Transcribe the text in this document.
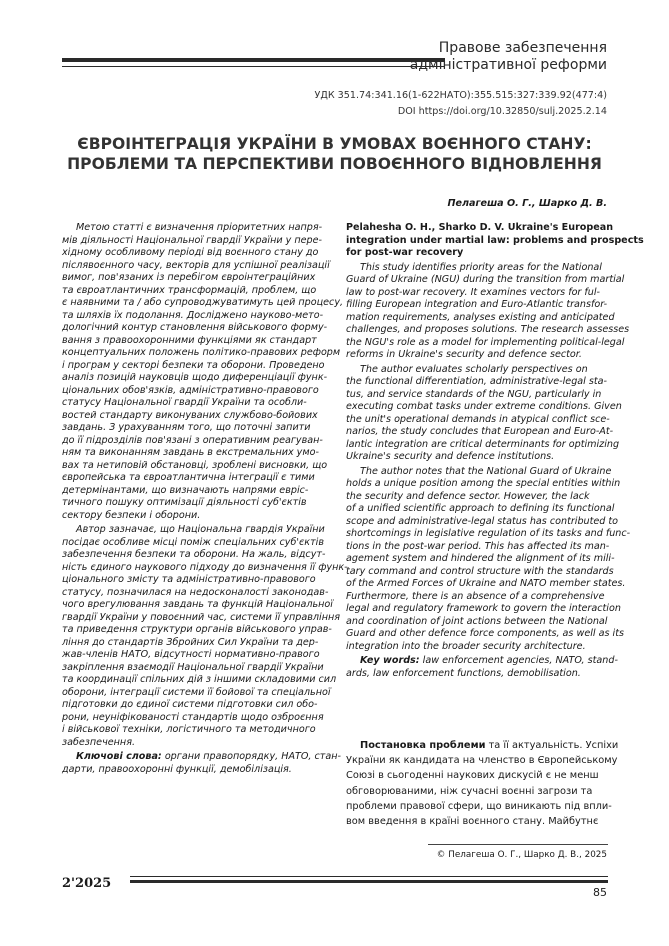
Правове забезпечення
адміністративної реформи
УДК 351.74:341.16(1-622НАТО):355.515:327:339.92(477:4)
DOI https://doi.org/10.32850/sulj.2025.2.14
ЄВРОІНТЕГРАЦІЯ УКРАЇНИ В УМОВАХ ВОЄННОГО СТАНУ:
ПРОБЛЕМИ ТА ПЕРСПЕКТИВИ ПОВОЄННОГО ВІДНОВЛЕННЯ
Пелагеша О. Г., Шарко Д. В.
Метою статті є визначення пріоритетних напря-
мів діяльності Національної гвардії України у пере-
хідному особливому періоді від воєнного стану до
післявоєнного часу, векторів для успішної реалізації
вимог, пов'язаних із перебігом євроінтеграційних
та євроатлантичних трансформацій, проблем, що
є наявними та / або супроводжуватимуть цей процесу,
та шляхів їх подолання. Досліджено науково-мето-
дологічний контур становлення військового форму-
вання з правоохоронними функціями як стандарт
концептуальних положень політико-правових реформ
і програм у секторі безпеки та оборони. Проведено
аналіз позицій науковців щодо диференціації функ-
ціональних обов'язків, адміністративно-правового
статусу Національної гвардії України та особли-
востей стандарту виконуваних службово-бойових
завдань. З урахуванням того, що поточні запити
до її підрозділів пов'язані з оперативним реагуван-
ням та виконанням завдань в екстремальних умо-
вах та нетиповій обстановці, зроблені висновки, що
європейська та євроатлантична інтеграції є тими
детермінантами, що визначають напрями евріс-
тичного пошуку оптимізації діяльності суб'єктів
сектору безпеки і оборони.
Автор зазначає, що Національна гвардія України
посідає особливе місці поміж спеціальних суб'єктів
забезпечення безпеки та оборони. На жаль, відсут-
ність єдиного наукового підходу до визначення її функ-
ціонального змісту та адміністративно-правового
статусу, позначилася на недосконалості законодав-
чого врегулювання завдань та функцій Національної
гвардії України у повоєнний час, системи її управління
та приведення структури органів військового управ-
ління до стандартів Збройних Сил України та дер-
жав-членів НАТО, відсутності нормативно-правого
закріплення взаємодії Національної гвардії України
та координації спільних дій з іншими складовими сил
оборони, інтеграції системи її бойової та спеціальної
підготовки до єдиної системи підготовки сил обо-
рони, неуніфікованості стандартів щодо озброєння
і військової техніки, логістичного та методичного
забезпечення.
Ключові слова: органи правопорядку, НАТО, стан-
дарти, правоохоронні функції, демобілізація.
Pelahesha O. H., Sharko D. V. Ukraine's European
integration under martial law: problems and prospects
for post-war recovery
This study identifies priority areas for the National
Guard of Ukraine (NGU) during the transition from martial
law to post-war recovery. It examines vectors for ful-
filling European integration and Euro-Atlantic transfor-
mation requirements, analyses existing and anticipated
challenges, and proposes solutions. The research assesses
the NGU's role as a model for implementing political-legal
reforms in Ukraine's security and defence sector.
The author evaluates scholarly perspectives on
the functional differentiation, administrative-legal sta-
tus, and service standards of the NGU, particularly in
executing combat tasks under extreme conditions. Given
the unit's operational demands in atypical conflict sce-
narios, the study concludes that European and Euro-At-
lantic integration are critical determinants for optimizing
Ukraine's security and defence institutions.
The author notes that the National Guard of Ukraine
holds a unique position among the special entities within
the security and defence sector. However, the lack
of a unified scientific approach to defining its functional
scope and administrative-legal status has contributed to
shortcomings in legislative regulation of its tasks and func-
tions in the post-war period. This has affected its man-
agement system and hindered the alignment of its mili-
tary command and control structure with the standards
of the Armed Forces of Ukraine and NATO member states.
Furthermore, there is an absence of a comprehensive
legal and regulatory framework to govern the interaction
and coordination of joint actions between the National
Guard and other defence force components, as well as its
integration into the broader security architecture.
Key words: law enforcement agencies, NATO, stand-
ards, law enforcement functions, demobilisation.
Постановка проблеми та її актуальність. Успіхи
України як кандидата на членство в Європейському
Союзі в сьогоденні наукових дискусій є не менш
обговорюваними, ніж сучасні воєнні загрози та
проблеми правової сфери, що виникають під впли-
вом введення в країні воєнного стану. Майбутнє
© Пелагеша О. Г., Шарко Д. В., 2025
2'2025
85
